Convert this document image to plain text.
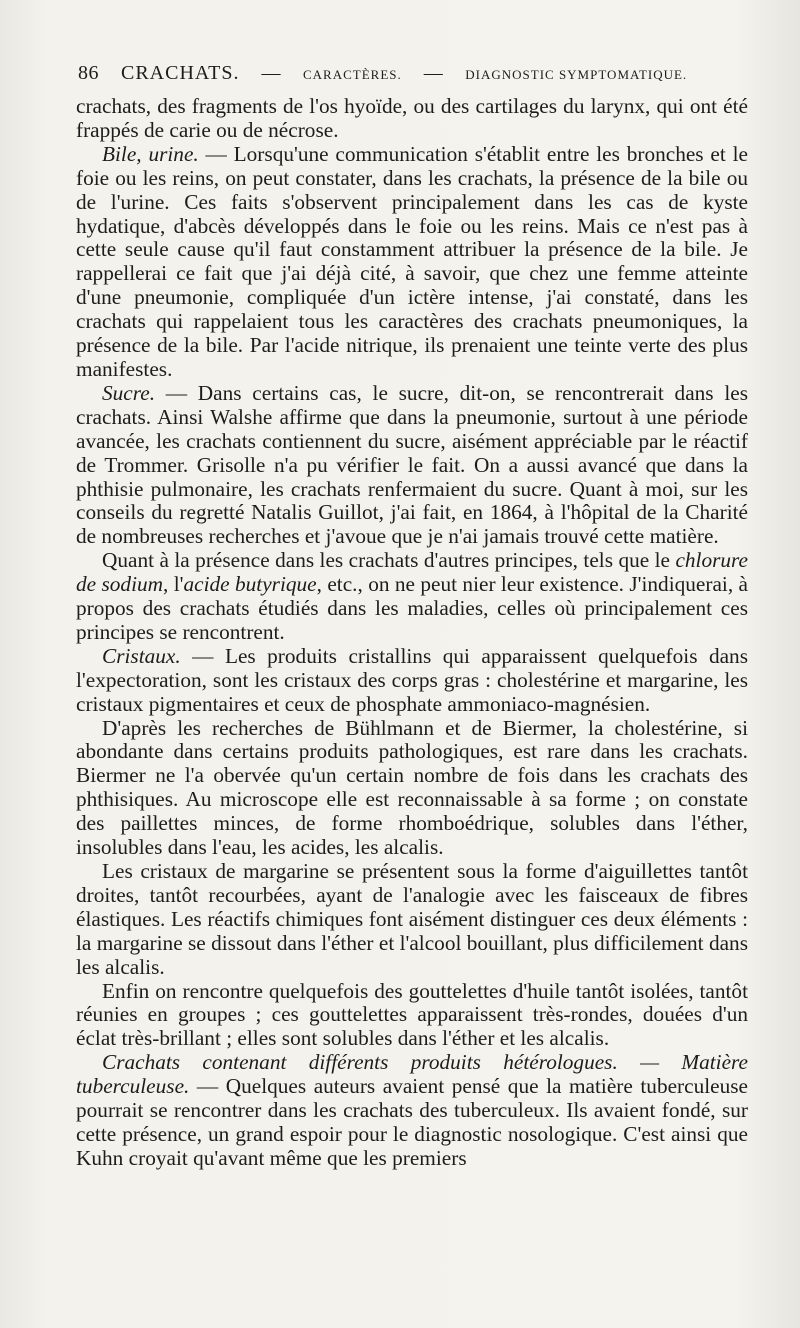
86 CRACHATS. — CARACTÈRES. — DIAGNOSTIC SYMPTOMATIQUE.

crachats, des fragments de l'os hyoïde, ou des cartilages du larynx, qui ont été frappés de carie ou de nécrose.

Bile, urine. — Lorsqu'une communication s'établit entre les bronches et le foie ou les reins, on peut constater, dans les crachats, la présence de la bile ou de l'urine. Ces faits s'observent principalement dans les cas de kyste hydatique, d'abcès développés dans le foie ou les reins. Mais ce n'est pas à cette seule cause qu'il faut constamment attribuer la présence de la bile. Je rappellerai ce fait que j'ai déjà cité, à savoir, que chez une femme atteinte d'une pneumonie, compliquée d'un ictère intense, j'ai constaté, dans les crachats qui rappelaient tous les caractères des crachats pneumoniques, la présence de la bile. Par l'acide nitrique, ils prenaient une teinte verte des plus manifestes.

Sucre. — Dans certains cas, le sucre, dit-on, se rencontrerait dans les crachats. Ainsi Walshe affirme que dans la pneumonie, surtout à une période avancée, les crachats contiennent du sucre, aisément appréciable par le réactif de Trommer. Grisolle n'a pu vérifier le fait. On a aussi avancé que dans la phthisie pulmonaire, les crachats renfermaient du sucre. Quant à moi, sur les conseils du regretté Natalis Guillot, j'ai fait, en 1864, à l'hôpital de la Charité de nombreuses recherches et j'avoue que je n'ai jamais trouvé cette matière.

Quant à la présence dans les crachats d'autres principes, tels que le chlorure de sodium, l'acide butyrique, etc., on ne peut nier leur existence. J'indiquerai, à propos des crachats étudiés dans les maladies, celles où principalement ces principes se rencontrent.

Cristaux. — Les produits cristallins qui apparaissent quelquefois dans l'expectoration, sont les cristaux des corps gras : cholestérine et margarine, les cristaux pigmentaires et ceux de phosphate ammoniaco-magnésien.

D'après les recherches de Bühlmann et de Biermer, la cholestérine, si abondante dans certains produits pathologiques, est rare dans les crachats. Biermer ne l'a obervée qu'un certain nombre de fois dans les crachats des phthisiques. Au microscope elle est reconnaissable à sa forme ; on constate des paillettes minces, de forme rhomboédrique, solubles dans l'éther, insolubles dans l'eau, les acides, les alcalis.

Les cristaux de margarine se présentent sous la forme d'aiguillettes tantôt droites, tantôt recourbées, ayant de l'analogie avec les faisceaux de fibres élastiques. Les réactifs chimiques font aisément distinguer ces deux éléments : la margarine se dissout dans l'éther et l'alcool bouillant, plus difficilement dans les alcalis.

Enfin on rencontre quelquefois des gouttelettes d'huile tantôt isolées, tantôt réunies en groupes ; ces gouttelettes apparaissent très-rondes, douées d'un éclat très-brillant ; elles sont solubles dans l'éther et les alcalis.

Crachats contenant différents produits hétérologues. — Matière tuberculeuse. — Quelques auteurs avaient pensé que la matière tuberculeuse pourrait se rencontrer dans les crachats des tuberculeux. Ils avaient fondé, sur cette présence, un grand espoir pour le diagnostic nosologique. C'est ainsi que Kuhn croyait qu'avant même que les premiers
